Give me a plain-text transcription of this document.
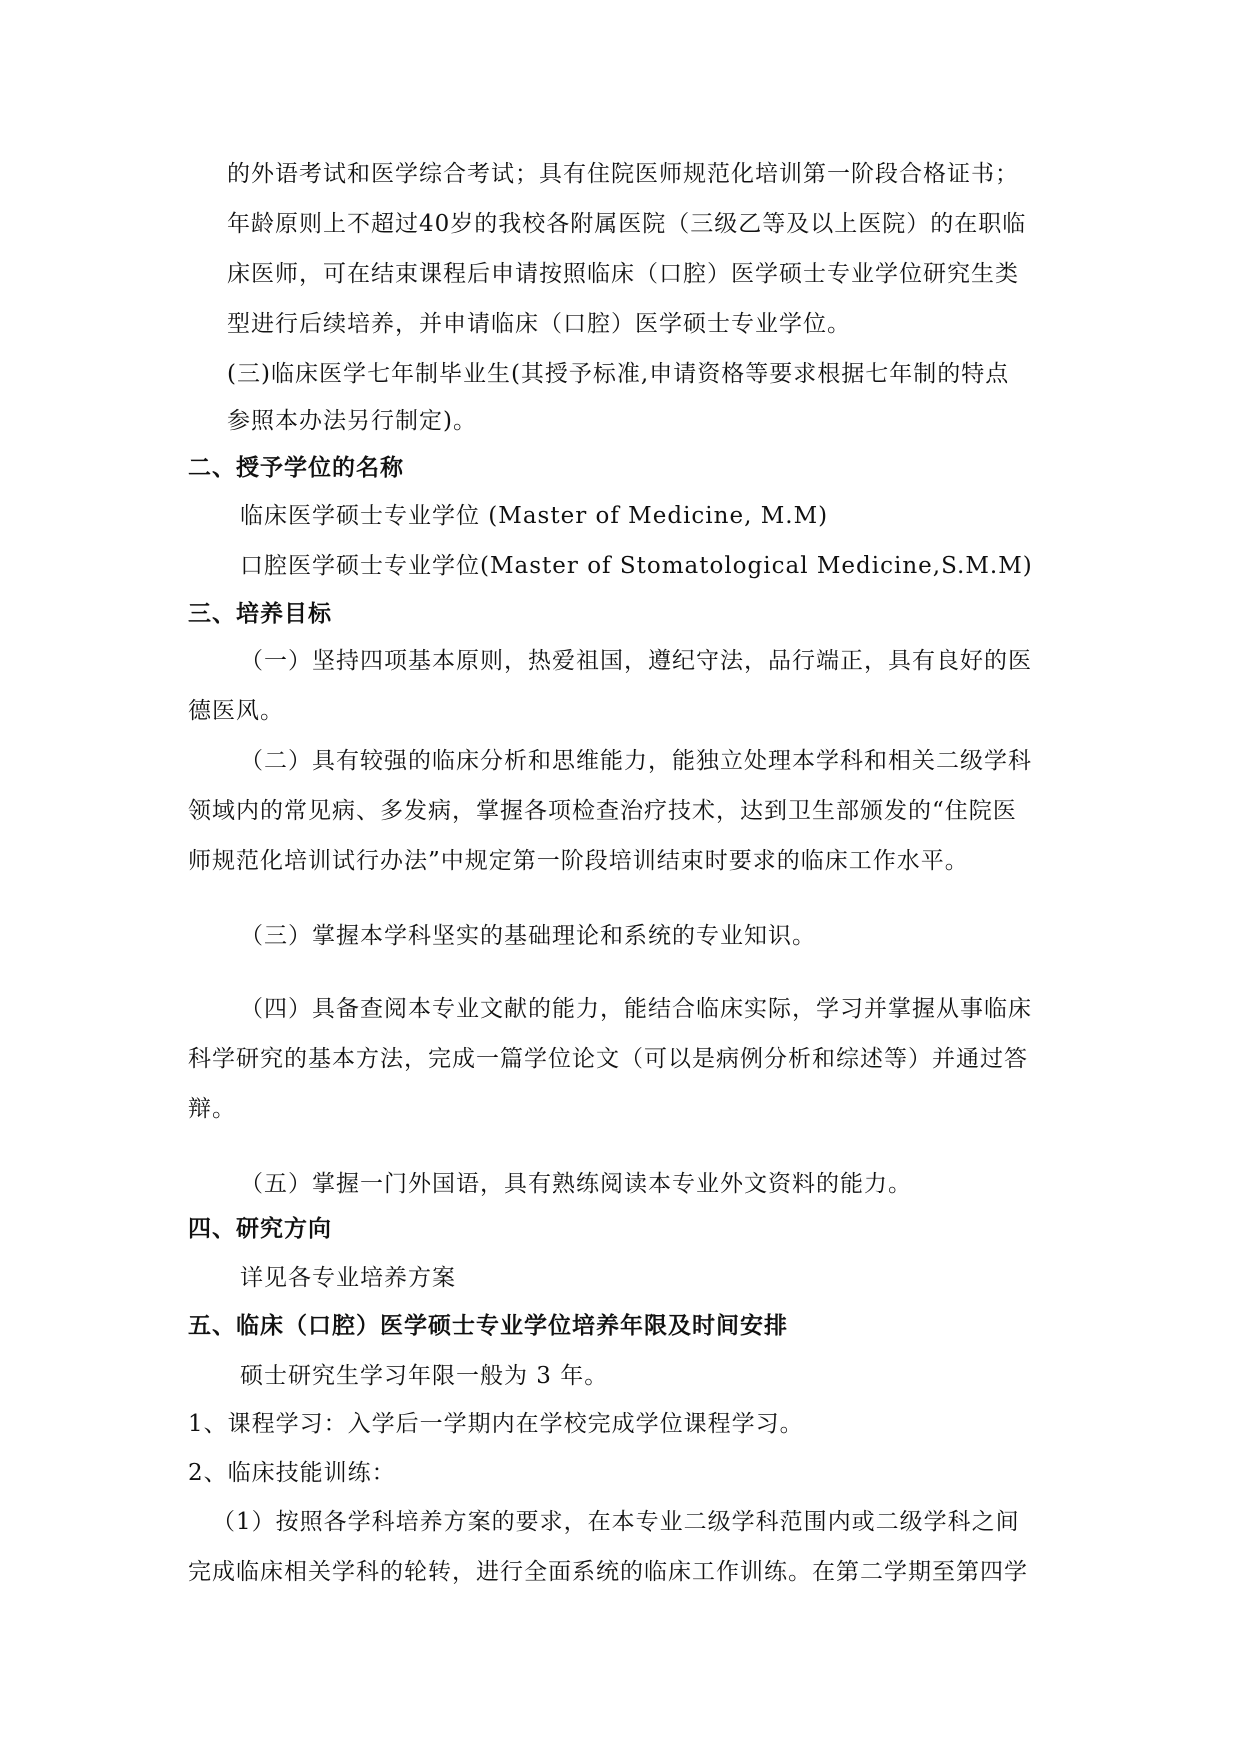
的外语考试和医学综合考试；具有住院医师规范化培训第一阶段合格证书；
年龄原则上不超过40岁的我校各附属医院（三级乙等及以上医院）的在职临
床医师，可在结束课程后申请按照临床（口腔）医学硕士专业学位研究生类
型进行后续培养，并申请临床（口腔）医学硕士专业学位。
(三)临床医学七年制毕业生(其授予标准,申请资格等要求根据七年制的特点
参照本办法另行制定)。
二、授予学位的名称
临床医学硕士专业学位 (Master of Medicine, M.M)
口腔医学硕士专业学位(Master of Stomatological Medicine,S.M.M)
三、培养目标
（一）坚持四项基本原则，热爱祖国，遵纪守法，品行端正，具有良好的医
德医风。
（二）具有较强的临床分析和思维能力，能独立处理本学科和相关二级学科
领域内的常见病、多发病，掌握各项检查治疗技术，达到卫生部颁发的“住院医
师规范化培训试行办法”中规定第一阶段培训结束时要求的临床工作水平。
（三）掌握本学科坚实的基础理论和系统的专业知识。
（四）具备查阅本专业文献的能力，能结合临床实际，学习并掌握从事临床
科学研究的基本方法，完成一篇学位论文（可以是病例分析和综述等）并通过答
辩。
（五）掌握一门外国语，具有熟练阅读本专业外文资料的能力。
四、研究方向
详见各专业培养方案
五、临床（口腔）医学硕士专业学位培养年限及时间安排
硕士研究生学习年限一般为 3 年。
1、课程学习：入学后一学期内在学校完成学位课程学习。
2、临床技能训练：
（1）按照各学科培养方案的要求，在本专业二级学科范围内或二级学科之间
完成临床相关学科的轮转，进行全面系统的临床工作训练。在第二学期至第四学
